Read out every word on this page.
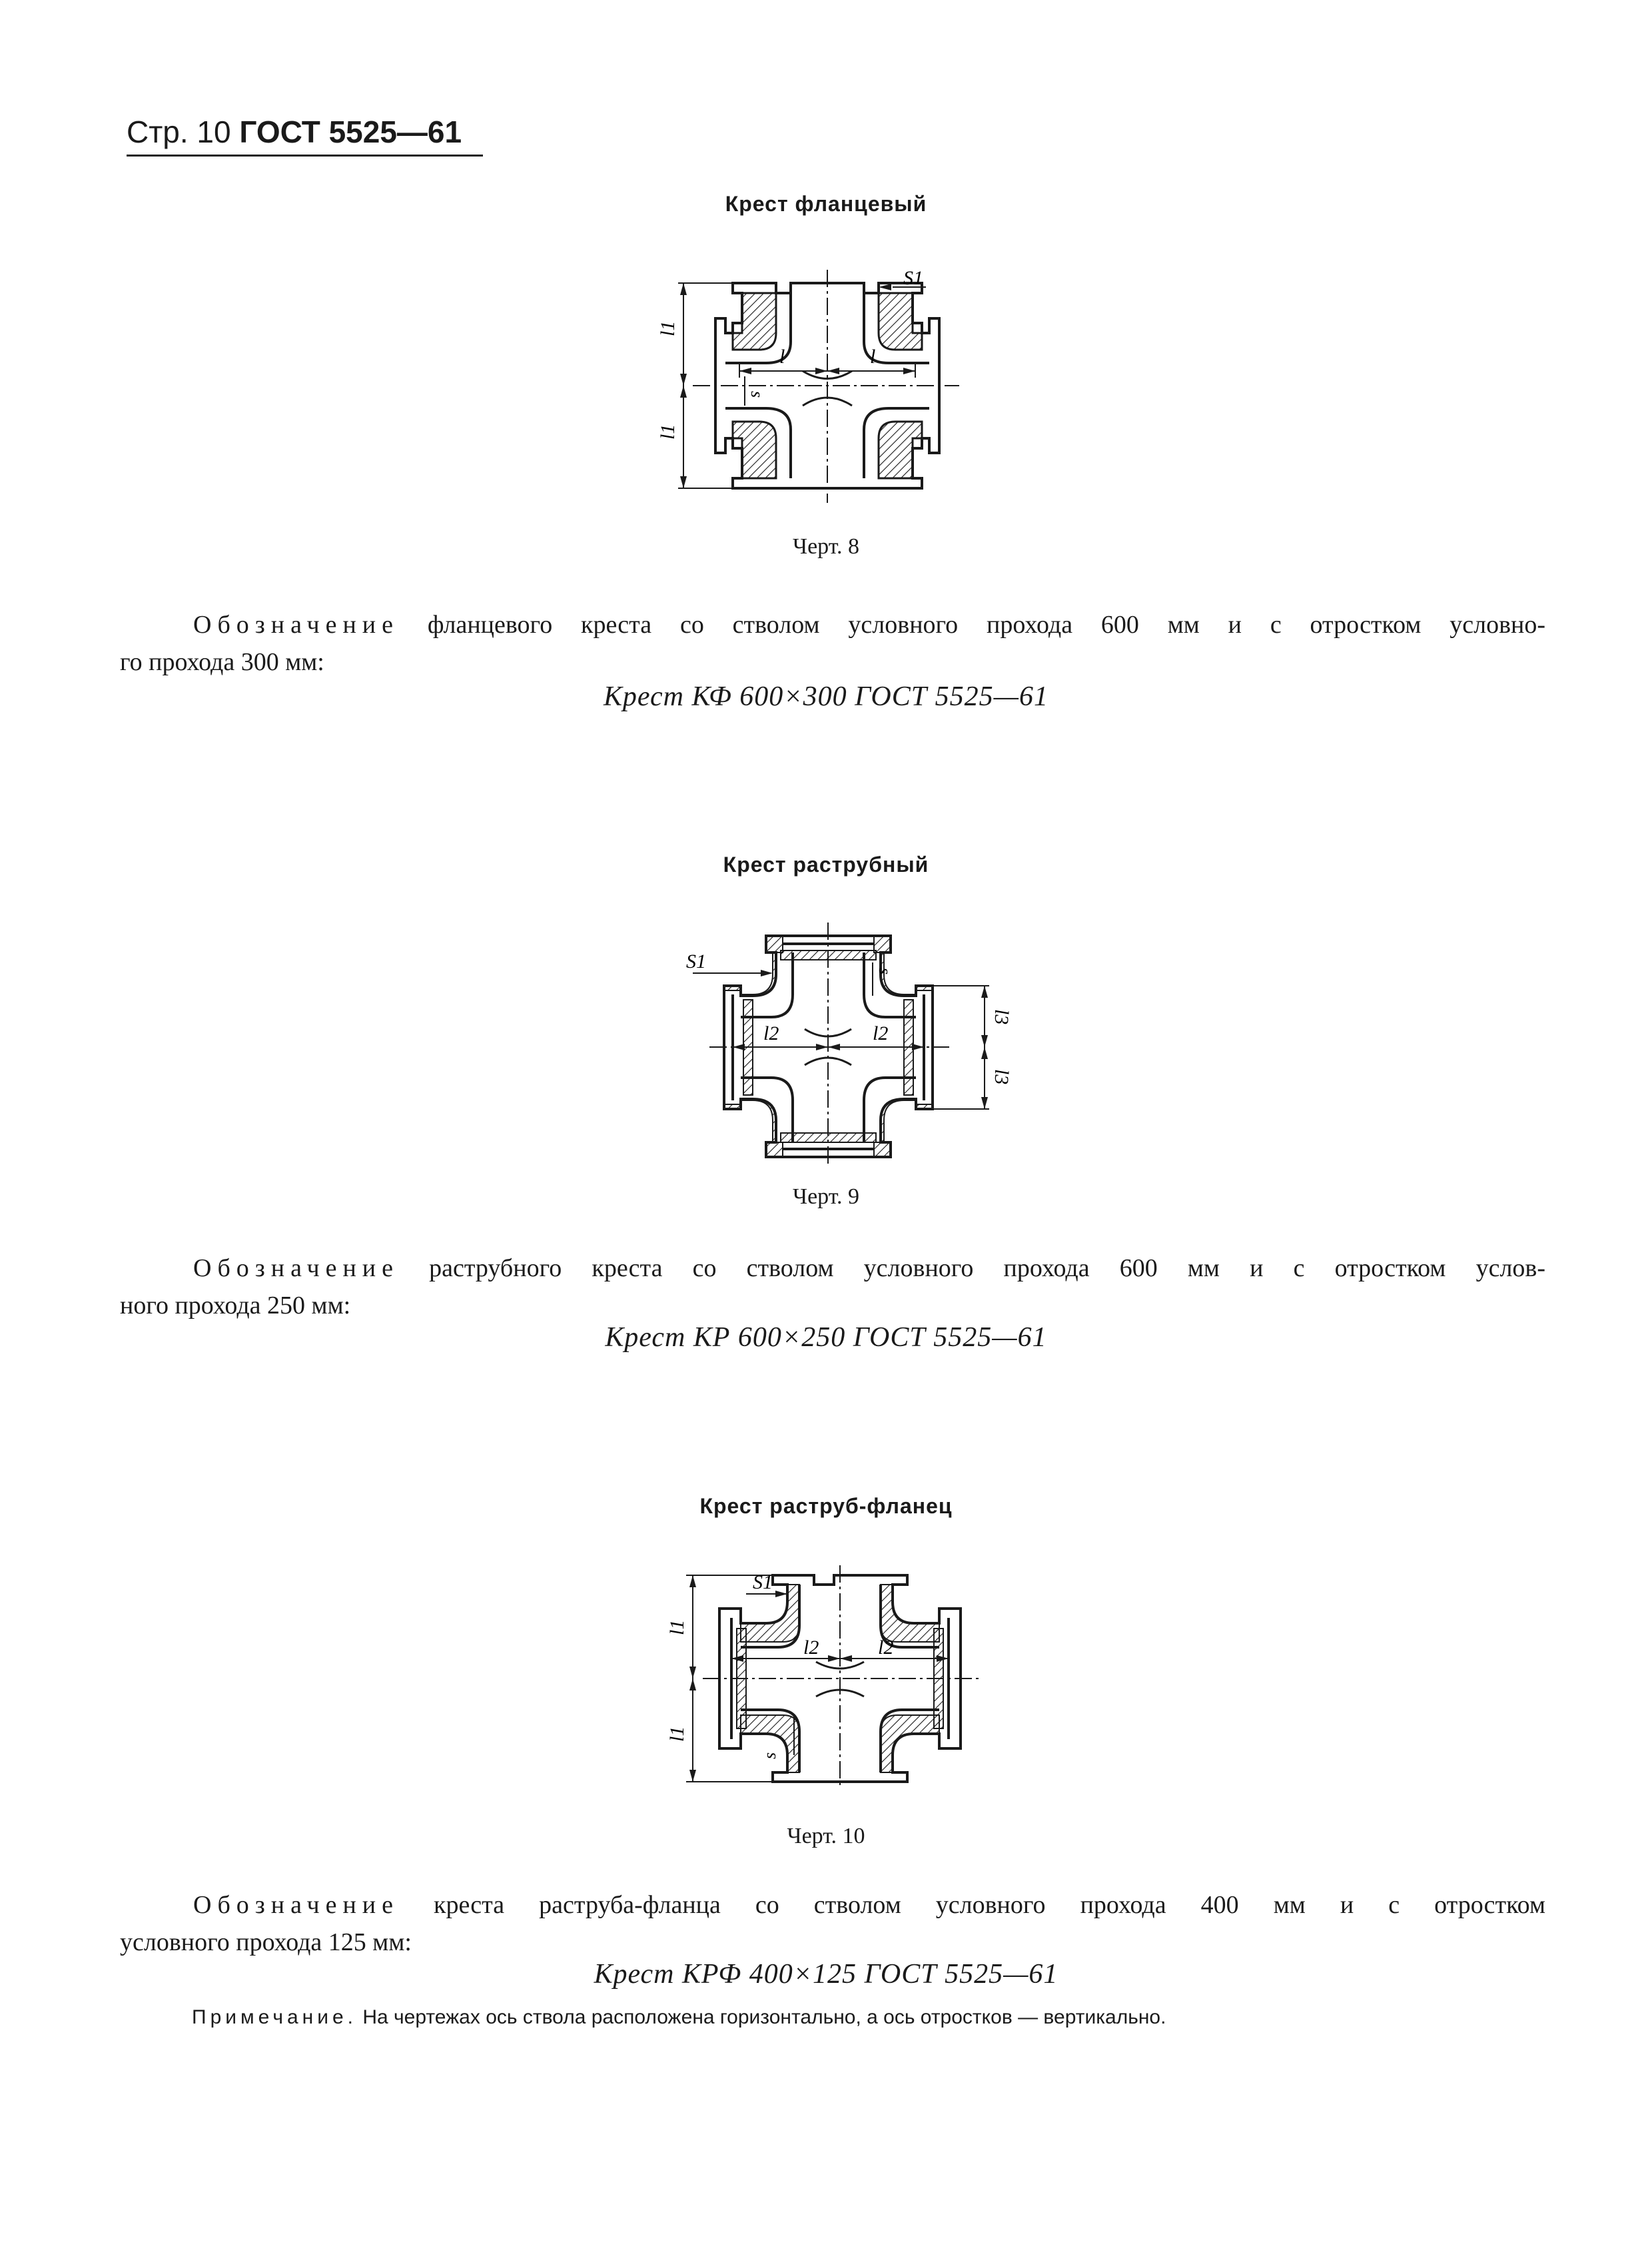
Стр. 10 ГОСТ 5525—61
Крест фланцевый
l1
l1
l	l
S1
s
Черт. 8
Обозначение фланцевого креста со стволом условного прохода 600 мм и с отростком условно-
го прохода 300 мм:
Крест КФ 600×300 ГОСТ 5525—61
Крест раструбный
S1	s
l2	l2
l3
l3
Черт. 9
Обозначение раструбного креста со стволом условного прохода 600 мм и с отростком услов-
ного прохода 250 мм:
Крест КР 600×250 ГОСТ 5525—61
Крест раструб-фланец
l1
l1
S1
l2	l2
s
Черт. 10
Обозначение креста раструба-фланца со стволом условного прохода 400 мм и с отростком
условного прохода 125 мм:
Крест КРФ 400×125 ГОСТ 5525—61
Примечание. На чертежах ось ствола расположена горизонтально, а ось отростков — вертикально.
